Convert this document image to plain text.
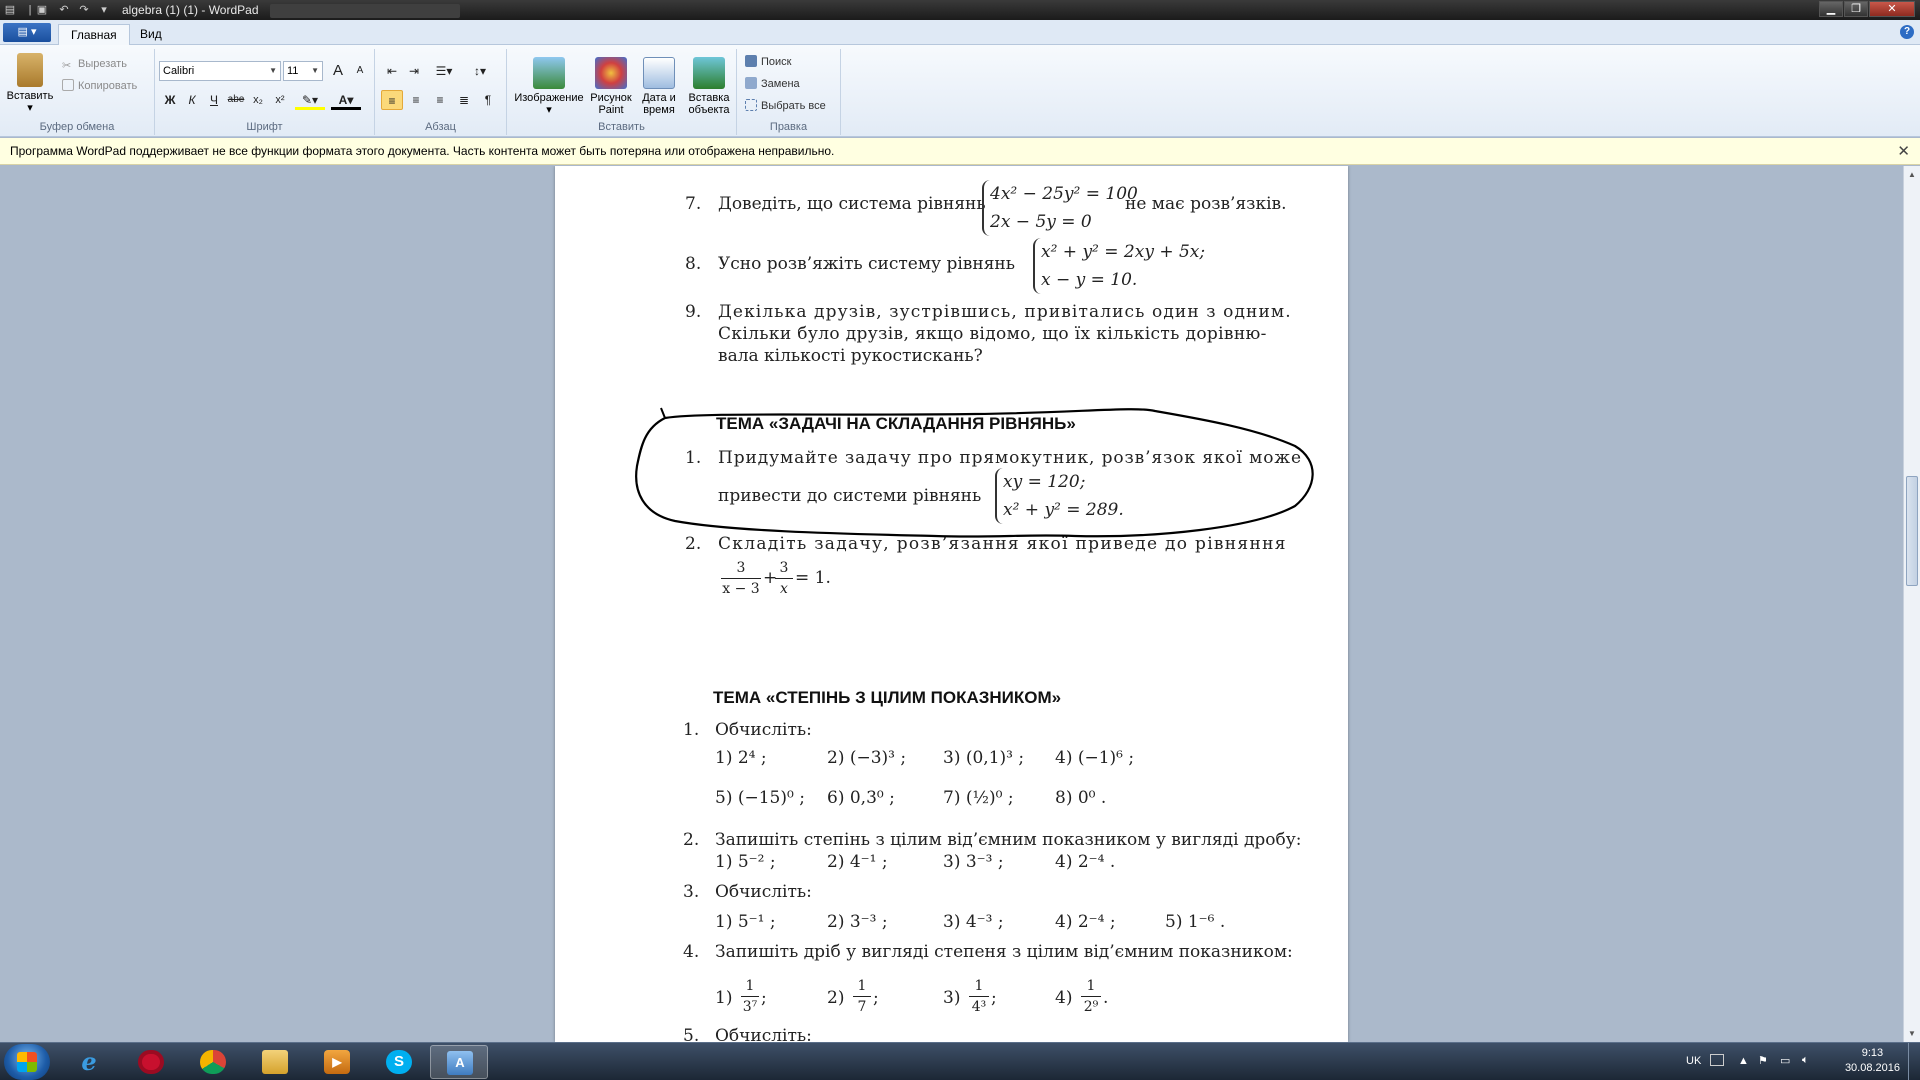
▤	| ▣	↶ ↷	▾	algebra (1) (1) - WordPad	▁	❐	✕
▤ ▾	Главная	Вид	?
Вставить
▾
✂ Вырезать
Копировать
Буфер обмена
Calibri	▼ 11 ▼ A	A
Ж	К	Ч abe x₂	x²	✎▾	A▾
Шрифт
⇤ ⇥	☰▾	↕▾
≡	≡	≡	≣	¶
Абзац
Изображение
▾
Рисунок
Paint
Дата и
время
Вставка
объекта
Вставить
Поиск
Замена
Выбрать все
Правка
Программа WordPad поддерживает не все функции формата этого документа. Часть контента может быть потеряна или отображена неправильно.	✕
7. Доведіть, що система рівнянь 4x² − 25y² = 100
2x − 5y = 0
не має розв’язків.
8. Усно розв’яжіть систему рівнянь
x² + y² = 2xy + 5x;
x − y = 10.
9. Декілька друзів, зустрівшись, привітались один з одним.
Скільки було друзів, якщо відомо, що їх кількість дорівню-
вала кількості рукостискань?
ТЕМА «ЗАДАЧІ НА СКЛАДАННЯ РІВНЯНЬ»
1. Придумайте задачу про прямокутник, розв’язок якої може
привести до системи рівнянь
xy = 120;
x² + y² = 289.
2. Складіть задачу, розв’язання якої приведе до рівняння
$\frac{3}{x - 3}$ +
$\frac{3}{x} = 1$.
ТЕМА «СТЕПІНЬ З ЦІЛИМ ПОКАЗНИКОМ»
1. Обчисліть:
1) 2⁴ ;	2) (−3)³ ; 3) (0,1)³ ; 4) (−1)⁶ ;
5) (−15)⁰ ; 6) 0,3⁰ ;	7) (½)⁰ ; 8) 0⁰ .
2. Запишіть степінь з цілим від’ємним показником у вигляді дробу:
1) 5⁻² ;	2) 4⁻¹ ;	3) 3⁻³ ;	4) 2⁻⁴ .
3. Обчисліть:
1) 5⁻¹ ;	2) 3⁻³ ;	3) 4⁻³ ;	4) 2⁻⁴ ;	5) 1⁻⁶ .
4. Запишіть дріб у вигляді степеня з цілим від’ємним показником:
$1) \frac{1}{\text{3⁷}}$ ;	$2) \frac{1}{7}$ ;	$3) \frac{1}{\text{4³}}$ ;	$4) \frac{1}{\text{2⁹}}$ .
5. Обчисліть:
▲
▼
e	▶	S	A	UK	▲ ⚑ ▭ 🔈︎
9:13
30.08.2016
